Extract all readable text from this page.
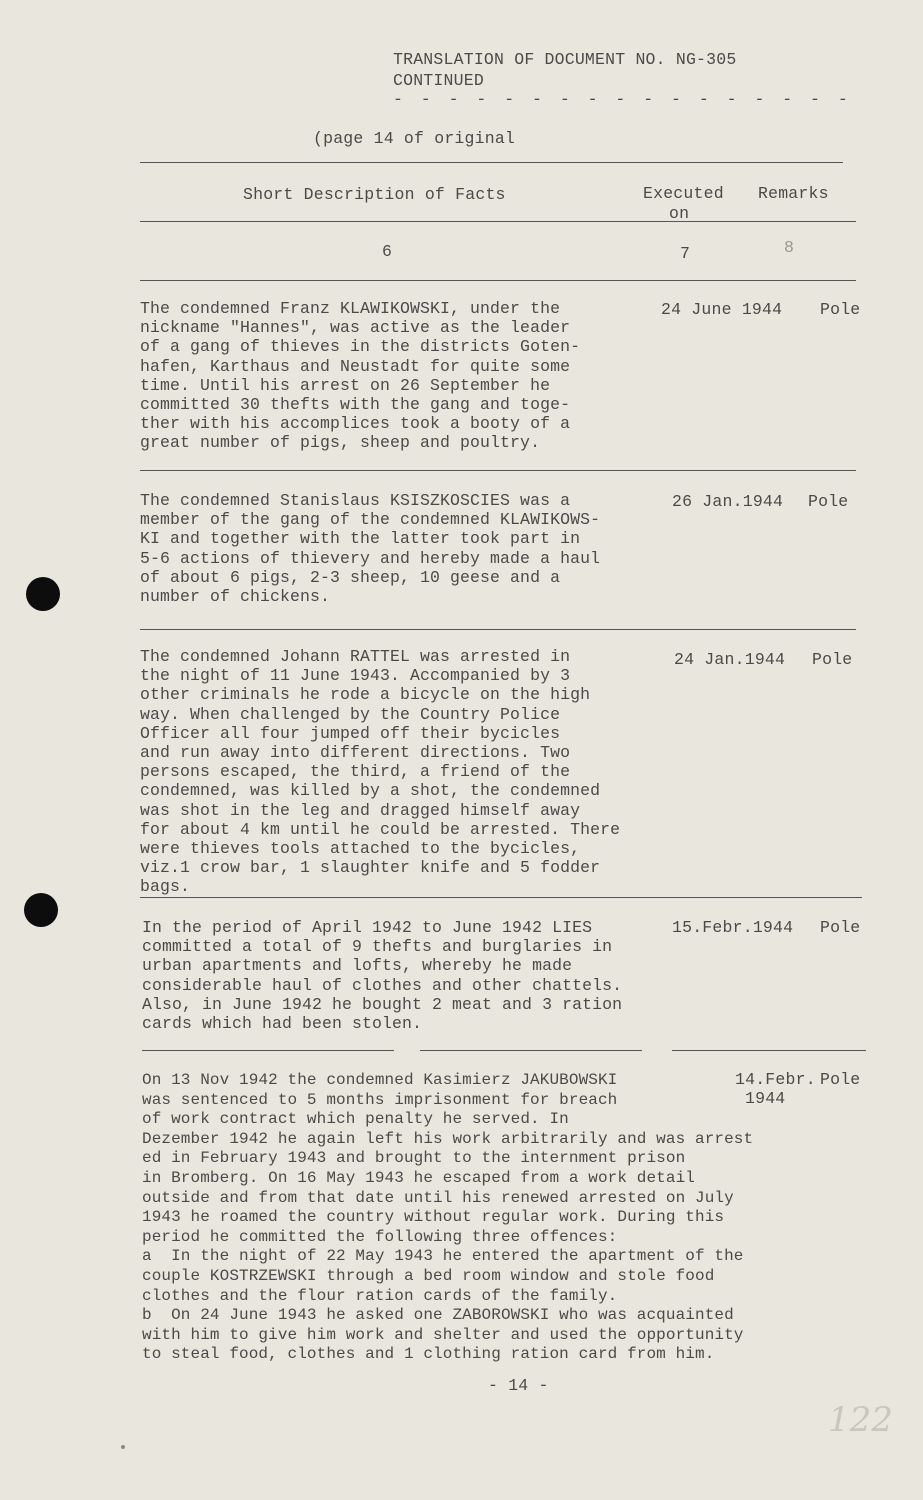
TRANSLATION OF DOCUMENT NO. NG-305
CONTINUED
- - - - - - - - - - - - - - - - -
(page 14 of original
Short Description of Facts	Executed
on
Remarks
6	7	8
The condemned Franz KLAWIKOWSKI, under the
nickname "Hannes", was active as the leader
of a gang of thieves in the districts Goten-
hafen, Karthaus and Neustadt for quite some
time. Until his arrest on 26 September he
committed 30 thefts with the gang and toge-
ther with his accomplices took a booty of a
great number of pigs, sheep and poultry.
24 June 1944 Pole
The condemned Stanislaus KSISZKOSCIES was a
member of the gang of the condemned KLAWIKOWS-
KI and together with the latter took part in
5-6 actions of thievery and hereby made a haul
of about 6 pigs, 2-3 sheep, 10 geese and a
number of chickens.
26 Jan.1944 Pole
The condemned Johann RATTEL was arrested in
the night of 11 June 1943. Accompanied by 3
other criminals he rode a bicycle on the high
way. When challenged by the Country Police
Officer all four jumped off their bycicles
and run away into different directions. Two
persons escaped, the third, a friend of the
condemned, was killed by a shot, the condemned
was shot in the leg and dragged himself away
for about 4 km until he could be arrested. There
were thieves tools attached to the bycicles,
viz.1 crow bar, 1 slaughter knife and 5 fodder
bags.
24 Jan.1944 Pole
In the period of April 1942 to June 1942 LIES
committed a total of 9 thefts and burglaries in
urban apartments and lofts, whereby he made
considerable haul of clothes and other chattels.
Also, in June 1942 he bought 2 meat and 3 ration
cards which had been stolen.
15.Febr.1944 Pole
On 13 Nov 1942 the condemned Kasimierz JAKUBOWSKI
was sentenced to 5 months imprisonment for breach
of work contract which penalty he served. In
Dezember 1942 he again left his work arbitrarily and was arrest
ed in February 1943 and brought to the internment prison
in Bromberg. On 16 May 1943 he escaped from a work detail
outside and from that date until his renewed arrested on July
1943 he roamed the country without regular work. During this
period he committed the following three offences:
a  In the night of 22 May 1943 he entered the apartment of the
couple KOSTRZEWSKI through a bed room window and stole food
clothes and the flour ration cards of the family.
b  On 24 June 1943 he asked one ZABOROWSKI who was acquainted
with him to give him work and shelter and used the opportunity
to steal food, clothes and 1 clothing ration card from him.
14.Febr.
1944
Pole
- 14 -
122
